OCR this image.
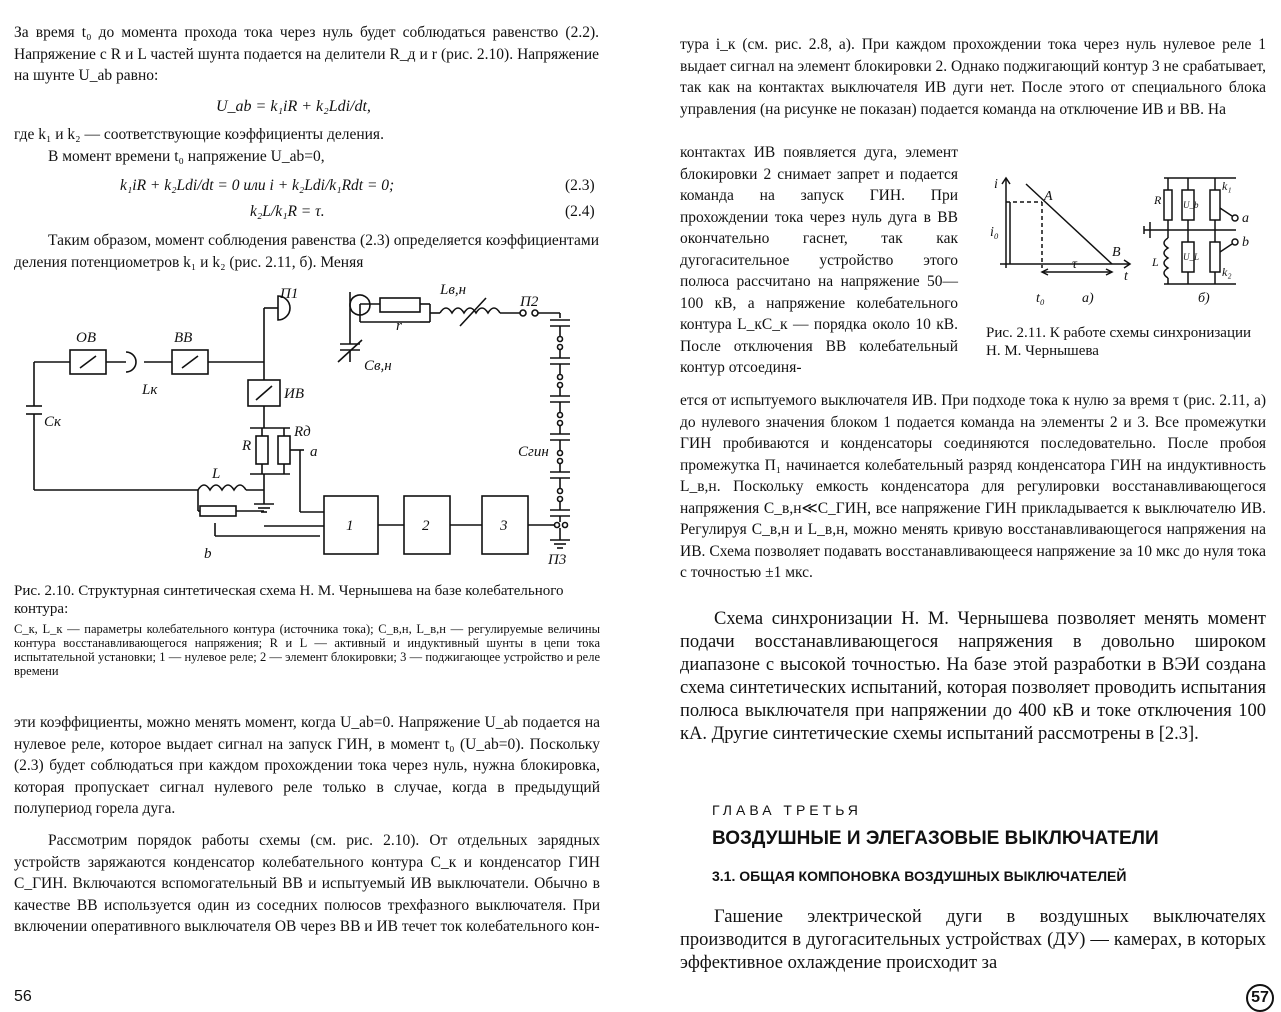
За время t₀ до момента прохода тока через нуль будет соблюдаться равенство (2.2). Напряжение с R и L частей шунта подается на делители R_д и r (рис. 2.10). Напряжение на шунте U_ab равно:

U_ab = k₁iR + k₂Ldi/dt,

где k₁ и k₂ — соответствующие коэффициенты деления.

В момент времени t₀ напряжение U_ab=0,

k₁iR + k₂Ldi/dt = 0 или i + k₂Ldi/k₁Rdt = 0;	(2.3)
k₂L/k₁R = τ.	(2.4)

Таким образом, момент соблюдения равенства (2.3) определяется коэффициентами деления потенциометров k₁ и k₂ (рис. 2.11, б). Меняя

ОВ	ВВ
ИВ
Lк
Cк
П1	П2
П3
r
Lв,н
Cв,н
Cгин
R
Rд
L
a
b
1	2	3
Рис. 2.10. Структурная синтетическая схема Н. М. Чернышева на базе колебательного контура:
C_к, L_к — параметры колебательного контура (источника тока); C_в,н, L_в,н — регулируемые величины контура восстанавливающегося напряжения; R и L — активный и индуктивный шунты в цепи тока испытательной установки; 1 — нулевое реле; 2 — элемент блокировки; 3 — поджигающее устройство и реле времени

эти коэффициенты, можно менять момент, когда U_ab=0. Напряжение U_ab подается на нулевое реле, которое выдает сигнал на запуск ГИН, в момент t₀ (U_ab=0). Поскольку (2.3) будет соблюдаться при каждом прохождении тока через нуль, нужна блокировка, которая пропускает сигнал нулевого реле только в случае, когда в предыдущий полупериод горела дуга.

Рассмотрим порядок работы схемы (см. рис. 2.10). От отдельных зарядных устройств заряжаются конденсатор колебательного контура C_к и конденсатор ГИН C_ГИН. Включаются вспомогательный ВВ и испытуемый ИВ выключатели. Обычно в качестве ВВ используется один из соседних полюсов трехфазного выключателя. При включении оперативного выключателя ОВ через ВВ и ИВ течет ток колебательного кон-

56

тура i_к (см. рис. 2.8, а). При каждом прохождении тока через нуль нулевое реле 1 выдает сигнал на элемент блокировки 2. Однако поджигающий контур 3 не срабатывает, так как на контактах выключателя ИВ дуги нет. После этого от специального блока управления (на рисунке не показан) подается команда на отключение ИВ и ВВ. На

контактах ИВ появляется дуга, элемент блокировки 2 снимает запрет и подается команда на запуск ГИН. При прохождении тока через нуль дуга в ВВ окончательно гаснет, так как дугогасительное устройство этого полюса рассчитано на напряжение 50—100 кВ, а напряжение колебательного контура L_кC_к — порядка около 10 кВ. После отключения ВВ колебательный контур отсоединя-

i
A
B
t
i₀
t₀
τ
а)
R U_b
k₁
L	U_L
k₂
a
b
б)
Рис. 2.11. К работе схемы синхронизации Н. М. Чернышева

ется от испытуемого выключателя ИВ. При подходе тока к нулю за время τ (рис. 2.11, а) до нулевого значения блоком 1 подается команда на элементы 2 и 3. Все промежутки ГИН пробиваются и конденсаторы соединяются последовательно. После пробоя промежутка П₁ начинается колебательный разряд конденсатора ГИН на индуктивность L_в,н. Поскольку емкость конденсатора для регулировки восстанавливающегося напряжения C_в,н≪C_ГИН, все напряжение ГИН прикладывается к выключателю ИВ. Регулируя C_в,н и L_в,н, можно менять кривую восстанавливающегося напряжения на ИВ. Схема позволяет подавать восстанавливающееся напряжение за 10 мкс до нуля тока с точностью ±1 мкс.

Схема синхронизации Н. М. Чернышева позволяет менять момент подачи восстанавливающегося напряжения в довольно широком диапазоне с высокой точностью. На базе этой разработки в ВЭИ создана схема синтетических испытаний, которая позволяет проводить испытания полюса выключателя при напряжении до 400 кВ и токе отключения 100 кА. Другие синтетические схемы испытаний рассмотрены в [2.3].

ГЛАВА ТРЕТЬЯ
ВОЗДУШНЫЕ И ЭЛЕГАЗОВЫЕ ВЫКЛЮЧАТЕЛИ
3.1. ОБЩАЯ КОМПОНОВКА ВОЗДУШНЫХ ВЫКЛЮЧАТЕЛЕЙ

Гашение электрической дуги в воздушных выключателях производится в дугогасительных устройствах (ДУ) — камерах, в которых эффективное охлаждение происходит за

57
